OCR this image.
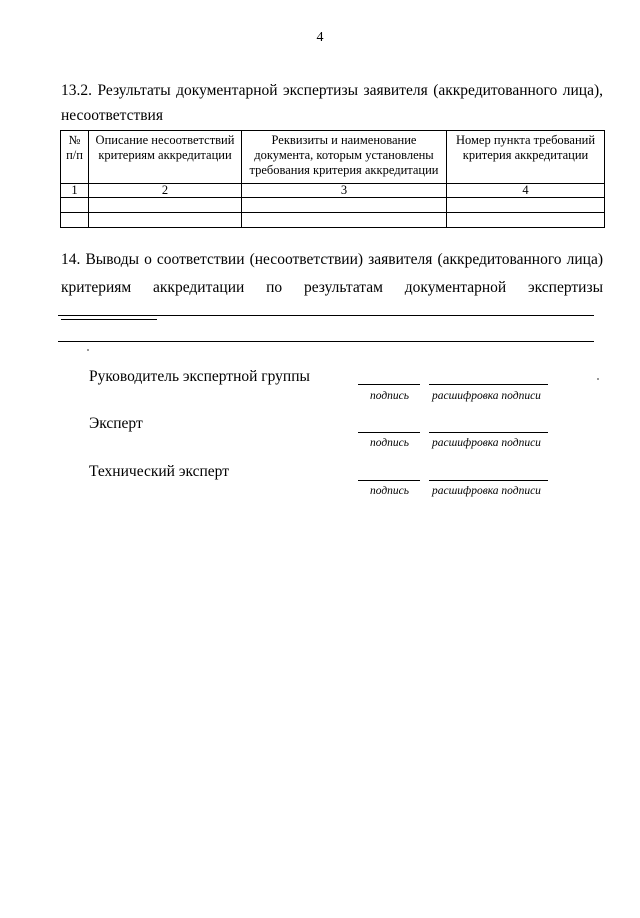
4
13.2. Результаты документарной экспертизы заявителя (аккредитованного лица), несоответствия
№ п/п	Описание несоответствий критериям аккредитации	Реквизиты и наименование документа, которым установлены требования критерия аккредитации	Номер пункта требований критерия аккредитации
1	2	3	4

14. Выводы о соответствии (несоответствии) заявителя (аккредитованного лица) критериям аккредитации по результатам документарной экспертизы
Руководитель экспертной группы
подпись расшифровка подписи
Эксперт
подпись расшифровка подписи
Технический эксперт
подпись расшифровка подписи
